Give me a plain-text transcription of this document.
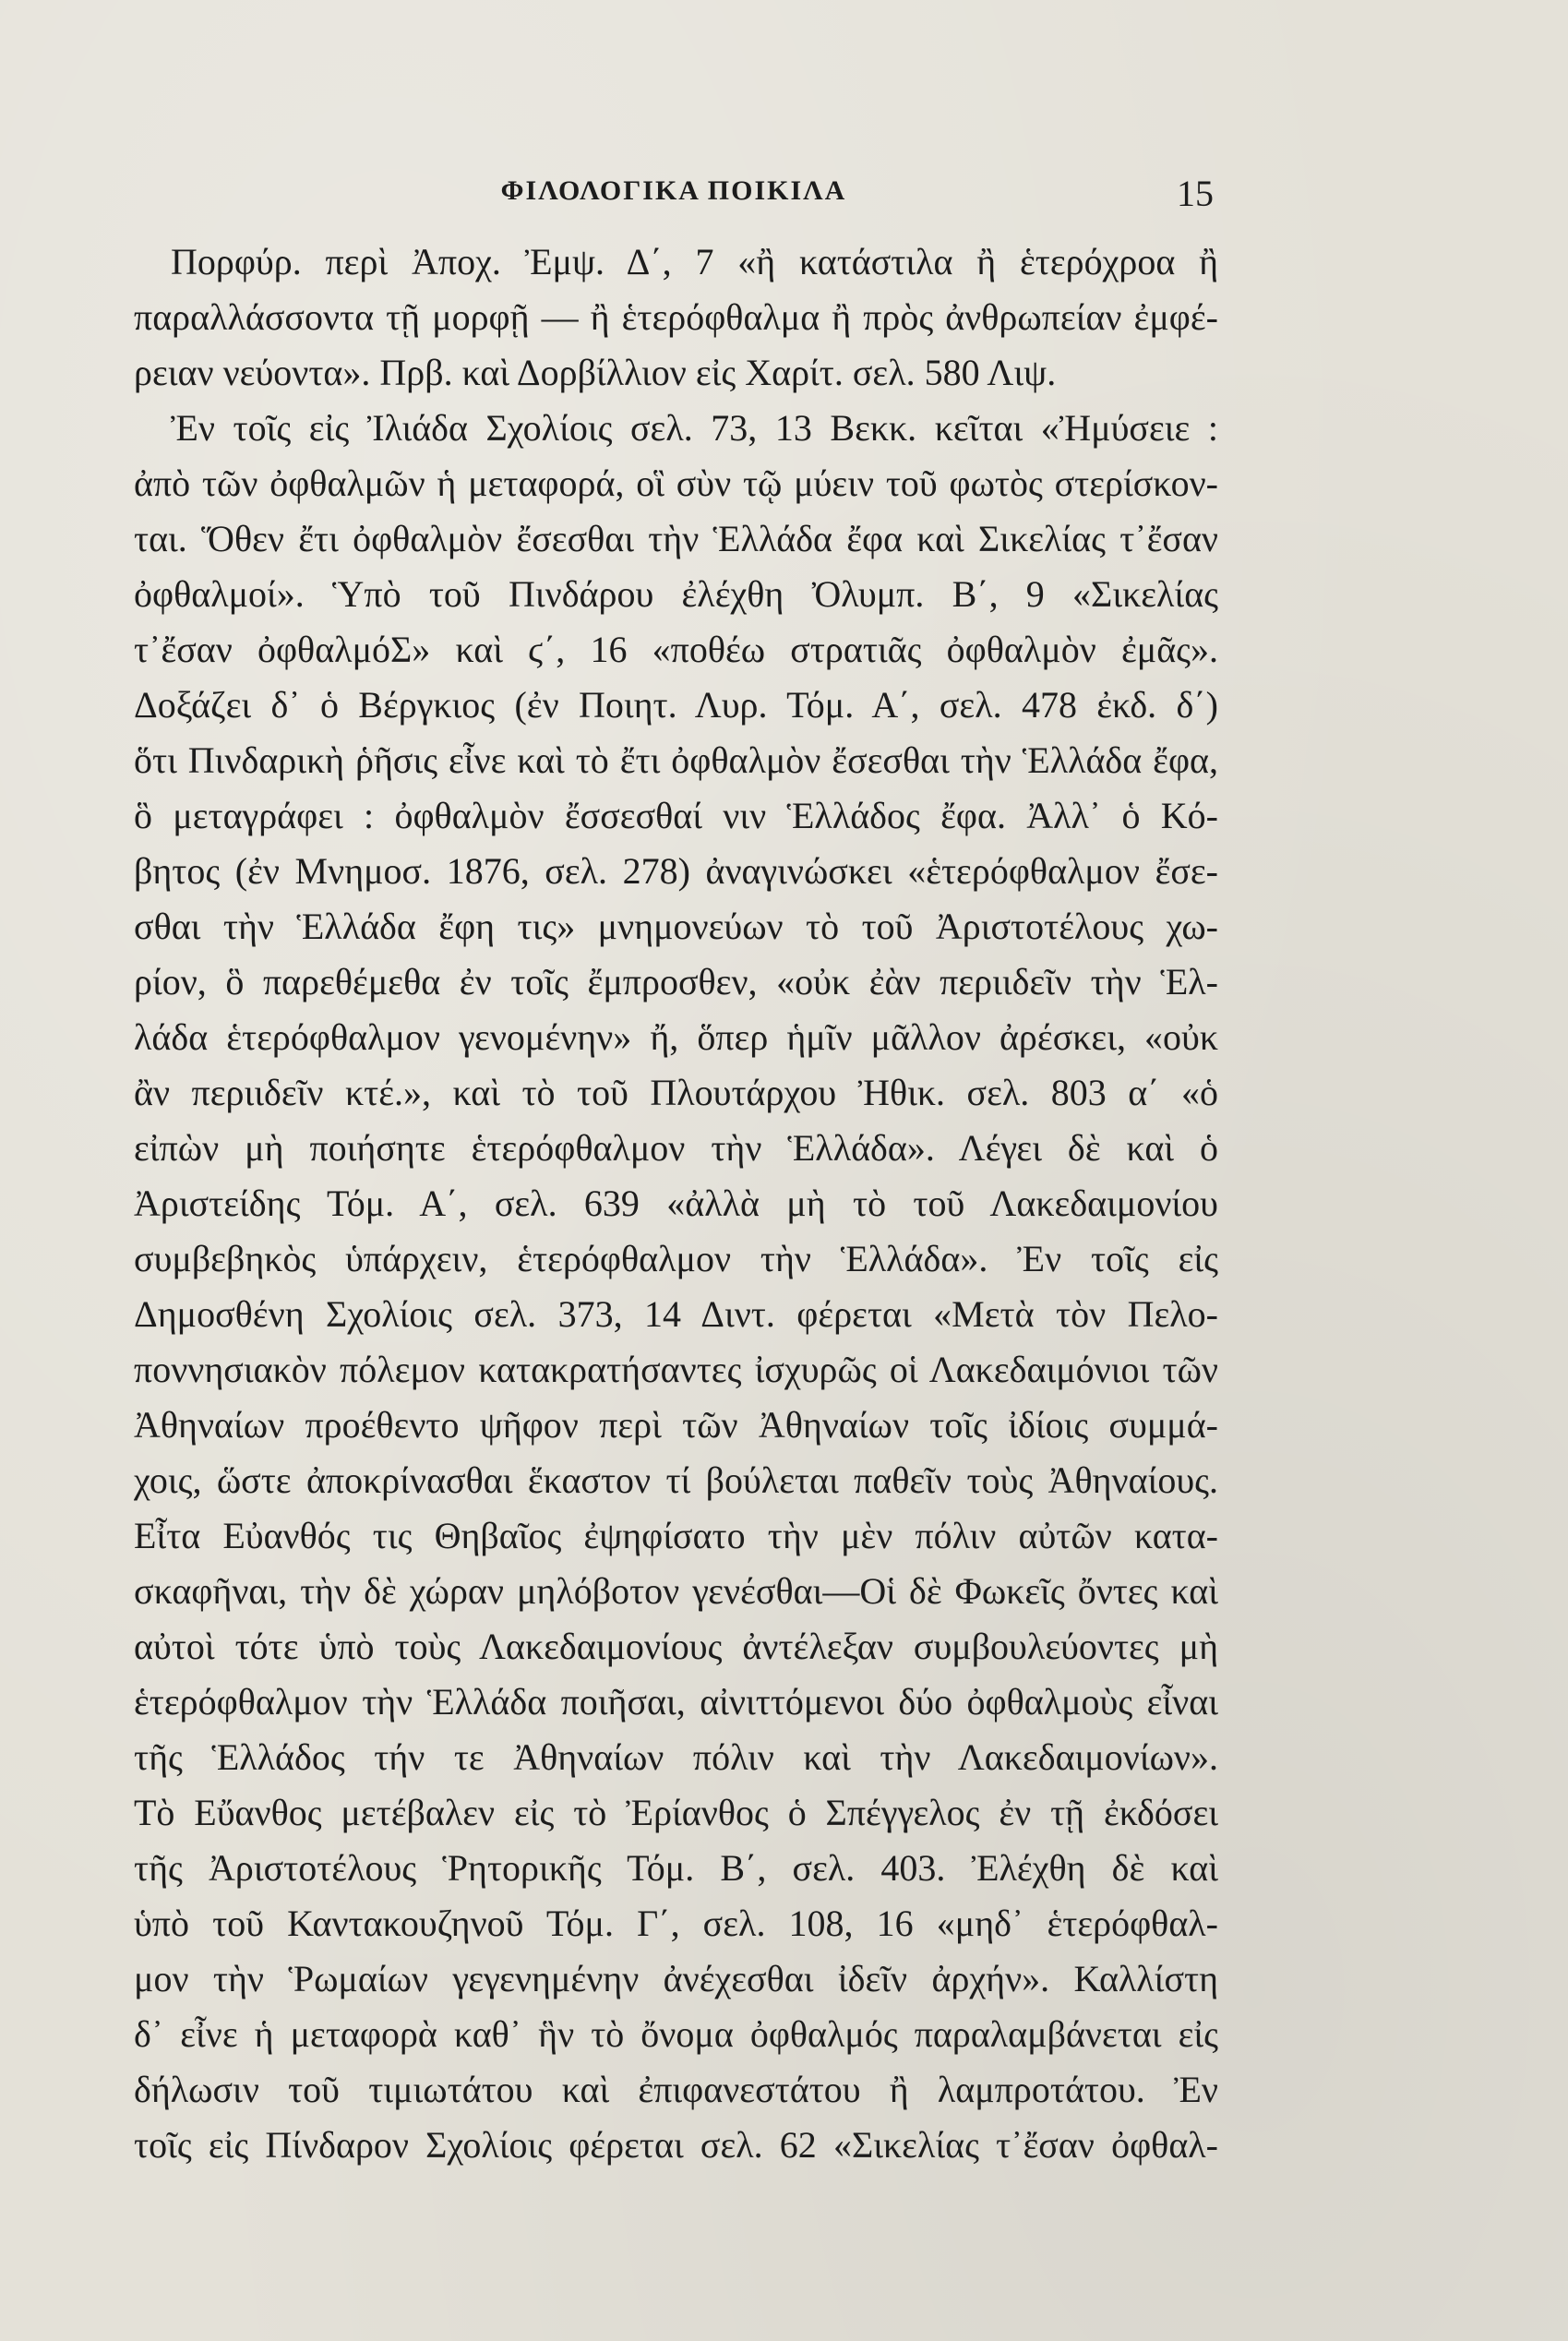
ΦΙΛΟΛΟΓΙΚΑ ΠΟΙΚΙΛΑ	15
Πορφύρ. περὶ Ἀποχ. Ἐμψ. Δ΄, 7 «ἢ κατάστιλα ἢ ἑτερόχροα ἢ
παραλλάσσοντα τῇ μορφῇ — ἢ ἑτερόφθαλμα ἢ πρὸς ἀνθρωπείαν ἐμφέ-
ρειαν νεύοντα». Πρβ. καὶ Δορβίλλιον εἰς Χαρίτ. σελ. 580 Λιψ.
Ἐν τοῖς εἰς Ἰλιάδα Σχολίοις σελ. 73, 13 Βεκκ. κεῖται «Ἠμύσειε :
ἀπὸ τῶν ὀφθαλμῶν ἡ μεταφορά, οἳ σὺν τῷ μύειν τοῦ φωτὸς στερίσκον-
ται. Ὅθεν ἔτι ὀφθαλμὸν ἔσεσθαι τὴν Ἑλλάδα ἔφα καὶ Σικελίας τ᾽ἔσαν
ὀφθαλμοί». Ὑπὸ τοῦ Πινδάρου ἐλέχθη Ὀλυμπ. Β΄, 9 «Σικελίας
τ᾽ἔσαν ὀφθαλμόΣ» καὶ ϛ΄, 16 «ποθέω στρατιᾶς ὀφθαλμὸν ἐμᾶς».
Δοξάζει δ᾽ ὁ Βέργκιος (ἐν Ποιητ. Λυρ. Τόμ. Α΄, σελ. 478 ἐκδ. δ΄)
ὅτι Πινδαρικὴ ῥῆσις εἶνε καὶ τὸ ἔτι ὀφθαλμὸν ἔσεσθαι τὴν Ἑλλάδα ἔφα,
ὃ μεταγράφει : ὀφθαλμὸν ἔσσεσθαί νιν Ἑλλάδος ἔφα. Ἀλλ᾽ ὁ Κό-
βητος (ἐν Μνημοσ. 1876, σελ. 278) ἀναγινώσκει «ἑτερόφθαλμον ἔσε-
σθαι τὴν Ἑλλάδα ἔφη τις» μνημονεύων τὸ τοῦ Ἀριστοτέλους χω-
ρίον, ὃ παρεθέμεθα ἐν τοῖς ἔμπροσθεν, «οὐκ ἐὰν περιιδεῖν τὴν Ἑλ-
λάδα ἑτερόφθαλμον γενομένην» ἤ, ὅπερ ἡμῖν μᾶλλον ἀρέσκει, «οὐκ
ἂν περιιδεῖν κτέ.», καὶ τὸ τοῦ Πλουτάρχου Ἠθικ. σελ. 803 α΄ «ὁ
εἰπὼν μὴ ποιήσητε ἑτερόφθαλμον τὴν Ἑλλάδα». Λέγει δὲ καὶ ὁ
Ἀριστείδης Τόμ. Α΄, σελ. 639 «ἀλλὰ μὴ τὸ τοῦ Λακεδαιμονίου
συμβεβηκὸς ὑπάρχειν, ἑτερόφθαλμον τὴν Ἑλλάδα». Ἐν τοῖς εἰς
Δημοσθένη Σχολίοις σελ. 373, 14 Διντ. φέρεται «Μετὰ τὸν Πελο-
ποννησιακὸν πόλεμον κατακρατήσαντες ἰσχυρῶς οἱ Λακεδαιμόνιοι τῶν
Ἀθηναίων προέθεντο ψῆφον περὶ τῶν Ἀθηναίων τοῖς ἰδίοις συμμά-
χοις, ὥστε ἀποκρίνασθαι ἕκαστον τί βούλεται παθεῖν τοὺς Ἀθηναίους.
Εἶτα Εὐανθός τις Θηβαῖος ἐψηφίσατο τὴν μὲν πόλιν αὐτῶν κατα-
σκαφῆναι, τὴν δὲ χώραν μηλόβοτον γενέσθαι—Οἱ δὲ Φωκεῖς ὄντες καὶ
αὐτοὶ τότε ὑπὸ τοὺς Λακεδαιμονίους ἀντέλεξαν συμβουλεύοντες μὴ
ἑτερόφθαλμον τὴν Ἑλλάδα ποιῆσαι, αἰνιττόμενοι δύο ὀφθαλμοὺς εἶναι
τῆς Ἑλλάδος τήν τε Ἀθηναίων πόλιν καὶ τὴν Λακεδαιμονίων».
Τὸ Εὔανθος μετέβαλεν εἰς τὸ Ἐρίανθος ὁ Σπέγγελος ἐν τῇ ἐκδόσει
τῆς Ἀριστοτέλους Ῥητορικῆς Τόμ. Β΄, σελ. 403. Ἐλέχθη δὲ καὶ
ὑπὸ τοῦ Καντακουζηνοῦ Τόμ. Γ΄, σελ. 108, 16 «μηδ᾽ ἑτερόφθαλ-
μον τὴν Ῥωμαίων γεγενημένην ἀνέχεσθαι ἰδεῖν ἀρχήν». Καλλίστη
δ᾽ εἶνε ἡ μεταφορὰ καθ᾽ ἣν τὸ ὄνομα ὀφθαλμός παραλαμβάνεται εἰς
δήλωσιν τοῦ τιμιωτάτου καὶ ἐπιφανεστάτου ἢ λαμπροτάτου. Ἐν
τοῖς εἰς Πίνδαρον Σχολίοις φέρεται σελ. 62 «Σικελίας τ᾽ἔσαν ὀφθαλ-
